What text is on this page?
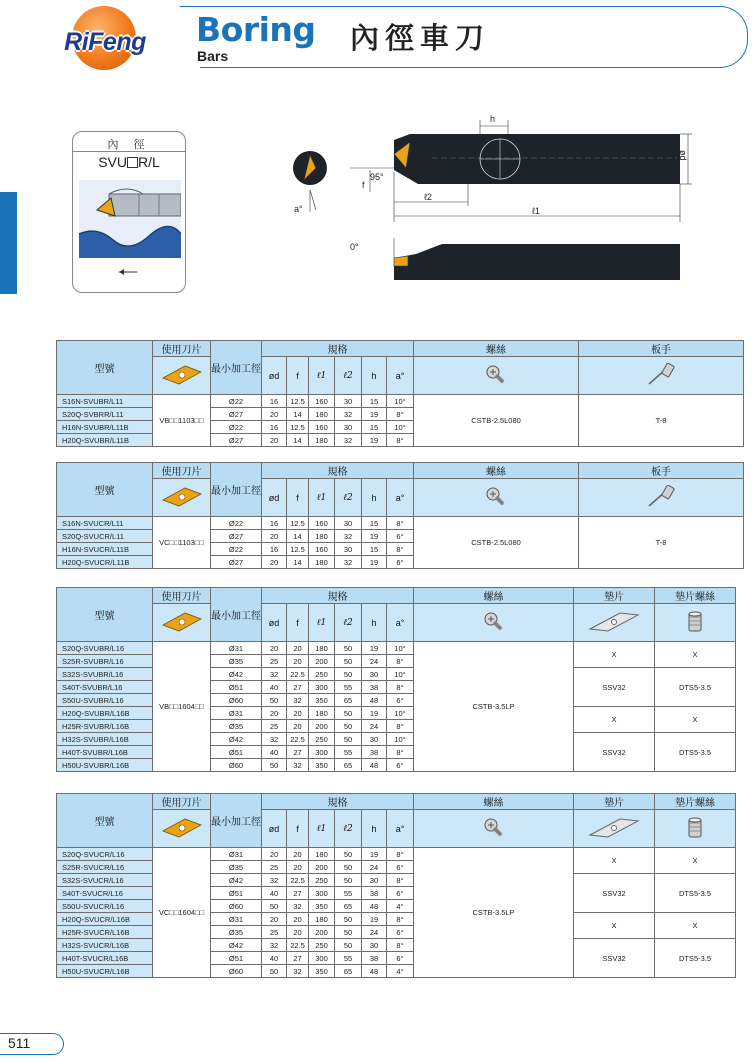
RiFeng	Boring
Bars
內徑車刀
內 徑
SVU R/L
a°
h
ød
95°
f
ℓ2
ℓ1
0°
型號	使用刀片	最小加工徑	規格						螺絲	板手
	ød	f	ℓ1	ℓ2	h	a°		
S16N-SVUBR/L11	VB□□1103□□	Ø22	16	12.5	160	30	15	10°	CSTB-2.5L080	T-8
S20Q-SVBRR/L11		Ø27	20	14	180	32	19	8°		
H16N-SVUBR/L11B		Ø22	16	12.5	160	30	15	10°		
H20Q-SVUBR/L11B		Ø27	20	14	180	32	19	8°		
型號	使用刀片	最小加工徑	規格						螺絲	板手
	ød	f	ℓ1	ℓ2	h	a°		
S16N-SVUCR/L11	VC□□1103□□	Ø22	16	12.5	160	30	15	8°	CSTB-2.5L080	T-8
S20Q-SVUCR/L11		Ø27	20	14	180	32	19	6°		
H16N-SVUCR/L11B		Ø22	16	12.5	160	30	15	8°		
H20Q-SVUCR/L11B		Ø27	20	14	180	32	19	6°		
型號	使用刀片	最小加工徑	規格						螺絲	墊片	墊片螺絲	
	ød	f	ℓ1	ℓ2	h	a°				
S20Q-SVUBR/L16	VB□□1604□□	Ø31	20	20	180	50	19	10°	CSTB-3.5LP	X	X	
S25R-SVUBR/L16		Ø35	25	20	200	50	24	8°				
S32S-SVUBR/L16		Ø42	32	22.5	250	50	30	10°		SSV32	DTS5-3.5	
S40T-SVUBR/L16		Ø51	40	27	300	55	38	8°				
S50U-SVUBR/L16		Ø60	50	32	350	65	48	6°				
H20Q-SVUBR/L16B		Ø31	20	20	180	50	19	10°		X	X	
H25R-SVUBR/L16B		Ø35	25	20	200	50	24	8°				
H32S-SVUBR/L16B		Ø42	32	22.5	250	50	30	10°		SSV32	DTS5-3.5	
H40T-SVUBR/L16B		Ø51	40	27	300	55	38	8°				
H50U-SVUBR/L16B		Ø60	50	32	350	65	48	6°				
型號	使用刀片	最小加工徑	規格						螺絲	墊片	墊片螺絲	
	ød	f	ℓ1	ℓ2	h	a°				
S20Q-SVUCR/L16	VC□□1604□□	Ø31	20	20	180	50	19	8°	CSTB-3.5LP	X	X	
S25R-SVUCR/L16		Ø35	25	20	200	50	24	6°				
S32S-SVUCR/L16		Ø42	32	22.5	250	50	30	8°		SSV32	DTS5-3.5	
S40T-SVUCR/L16		Ø51	40	27	300	55	38	6°				
S50U-SVUCR/L16		Ø60	50	32	350	65	48	4°				
H20Q-SVUCR/L16B		Ø31	20	20	180	50	19	8°		X	X	
H25R-SVUCR/L16B		Ø35	25	20	200	50	24	6°				
H32S-SVUCR/L16B		Ø42	32	22.5	250	50	30	8°		SSV32	DTS5-3.5	
H40T-SVUCR/L16B		Ø51	40	27	300	55	38	6°				
H50U-SVUCR/L16B		Ø60	50	32	350	65	48	4°				
511
